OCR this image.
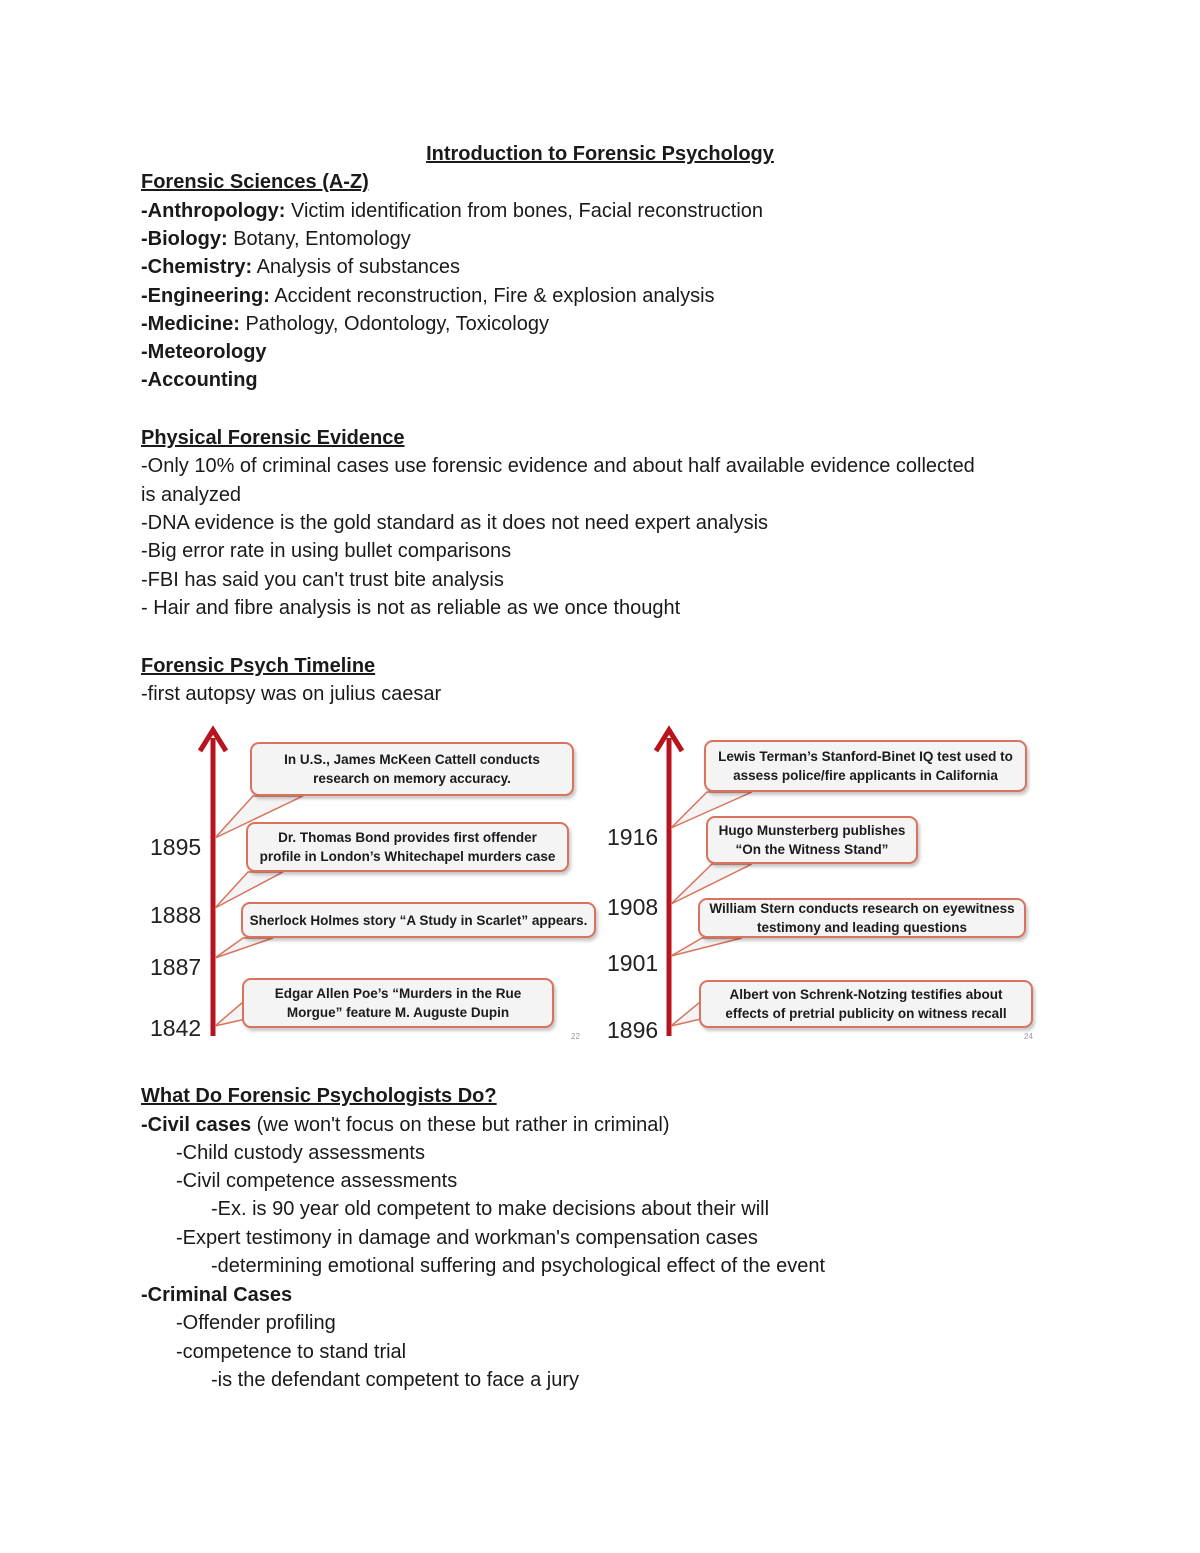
Introduction to Forensic Psychology
Forensic Sciences (A-Z)
-Anthropology: Victim identification from bones, Facial reconstruction
-Biology: Botany, Entomology
-Chemistry: Analysis of substances
-Engineering: Accident reconstruction, Fire & explosion analysis
-Medicine: Pathology, Odontology, Toxicology
-Meteorology
-Accounting
Physical Forensic Evidence
-Only 10% of criminal cases use forensic evidence and about half available evidence collected
is analyzed
-DNA evidence is the gold standard as it does not need expert analysis
-Big error rate in using bullet comparisons
-FBI has said you can't trust bite analysis
- Hair and fibre analysis is not as reliable as we once thought
Forensic Psych Timeline
-first autopsy was on julius caesar
1895
1888
1887
1842
In U.S., James McKeen Cattell conducts
research on memory accuracy.
Dr. Thomas Bond provides first offender
profile in London’s Whitechapel murders case
Sherlock Holmes story “A Study in Scarlet” appears.
Edgar Allen Poe’s “Murders in the Rue
Morgue” feature M. Auguste Dupin
22
1916
1908
1901
1896
Lewis Terman’s Stanford-Binet IQ test used to
assess police/fire applicants in California
Hugo Munsterberg publishes
“On the Witness Stand”
William Stern conducts research on eyewitness
testimony and leading questions
Albert von Schrenk-Notzing testifies about
effects of pretrial publicity on witness recall
24
What Do Forensic Psychologists Do?
-Civil cases (we won't focus on these but rather in criminal)
-Child custody assessments
-Civil competence assessments
-Ex. is 90 year old competent to make decisions about their will
-Expert testimony in damage and workman's compensation cases
-determining emotional suffering and psychological effect of the event
-Criminal Cases
-Offender profiling
-competence to stand trial
-is the defendant competent to face a jury
